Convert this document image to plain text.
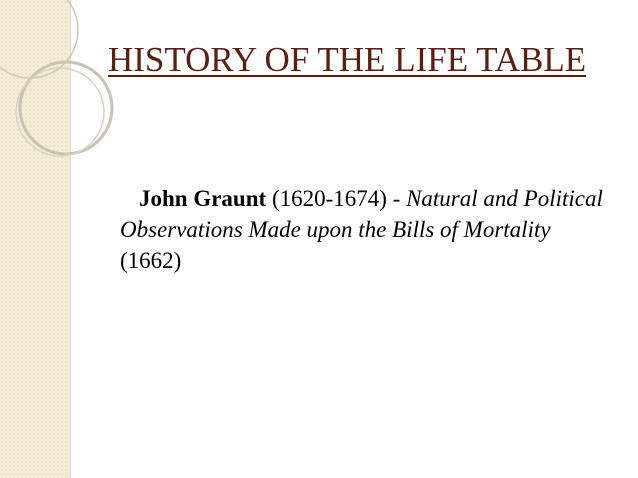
HISTORY OF THE LIFE TABLE

John Graunt (1620-1674) - Natural and Political Observations Made upon the Bills of Mortality (1662)
